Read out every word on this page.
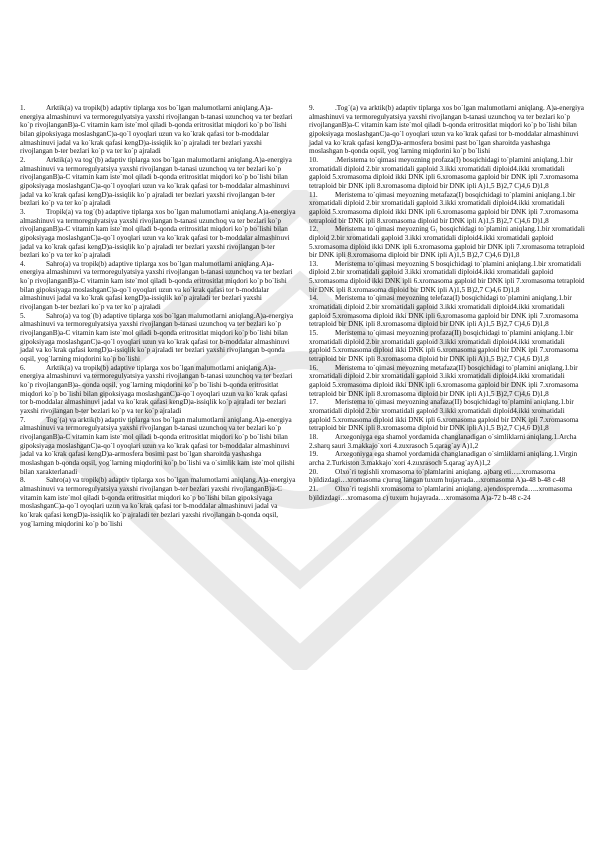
1.	Arktik(a) va tropik(b) adaptiv tiplarga xos bo`lgan malumotlarni aniqlang.A)a-energiya almashinuvi va termoregulyatsiya yaxshi rivojlangan b-tanasi uzunchoq va ter bezlari ko`p rivojlanganB)a-C vitamin kam iste`mol qiladi b-qonda eritrositlat miqdori ko`p bo`lishi bilan gipoksiyaga moslashganC)a-qo`l oyoqlari uzun va ko`krak qafasi tor b-moddalar almashinuvi jadal va ko`krak qafasi kengD)a-issiqlik ko`p ajraladi ter bezlari yaxshi rivojlangan b-ter bezlari ko`p va ter ko`p ajraladi

2.	Arktik(a) va tog`(b) adaptiv tiplarga xos bo`lgan malumotlarni aniqlang.A)a-energiya almashinuvi va termoregulyatsiya yaxshi rivojlangan b-tanasi uzunchoq va ter bezlari ko`p rivojlanganB)a-C vitamin kam iste`mol qiladi b-qonda eritrositlat miqdori ko`p bo`lishi bilan gipoksiyaga moslashganC)a-qo`l oyoqlari uzun va ko`krak qafasi tor b-moddalar almashinuvi jadal va ko`krak qafasi kengD)a-issiqlik ko`p ajraladi ter bezlari yaxshi rivojlangan b-ter bezlari ko`p va ter ko`p ajraladi

3.	Tropik(a) va tog`(b) adaptive tiplarga xos bo`lgan malumotlarni aniqlang.A)a-energiya almashinuvi va termoregulyatsiya yaxshi rivojlangan b-tanasi uzunchoq va ter bezlari ko`p rivojlanganB)a-C vitamin kam iste`mol qiladi b-qonda eritrositlat miqdori ko`p bo`lishi bilan gipoksiyaga moslashganC)a-qo`l oyoqlari uzun va ko`krak qafasi tor b-moddalar almashinuvi jadal va ko`krak qafasi kengD)a-issiqlik ko`p ajraladi ter bezlari yaxshi rivojlangan b-ter bezlari ko`p va ter ko`p ajraladi

4.	Sahro(a) va tropik(b) adaptive tiplarga xos bo`lgan malumotlarni aniqlang.A)a-energiya almashinuvi va termoregulyatsiya yaxshi rivojlangan b-tanasi uzunchoq va ter bezlari ko`p rivojlanganB)a-C vitamin kam iste`mol qiladi b-qonda eritrositlat miqdori ko`p bo`lishi bilan gipoksiyaga moslashganC)a-qo`l oyoqlari uzun va ko`krak qafasi tor b-moddalar almashinuvi jadal va ko`krak qafasi kengD)a-issiqlik ko`p ajraladi ter bezlari yaxshi rivojlangan b-ter bezlari ko`p va ter ko`p ajraladi

5.	Sahro(a) va tog`(b) adaptive tiplarga xos bo`lgan malumotlarni aniqlang.A)a-energiya almashinuvi va termoregulyatsiya yaxshi rivojlangan b-tanasi uzunchoq va ter bezlari ko`p rivojlanganB)a-C vitamin kam iste`mol qiladi b-qonda eritrositlat miqdori ko`p bo`lishi bilan gipoksiyaga moslashganC)a-qo`l oyoqlari uzun va ko`krak qafasi tor b-moddalar almashinuvi jadal va ko`krak qafasi kengD)a-issiqlik ko`p ajraladi ter bezlari yaxshi rivojlangan b-qonda oqsil, yog`larning miqdorini ko`p bo`lishi

6.	Arktik(a) va tropik(b) adaptive tiplarga xos bo`lgan malumotlarni aniqlang.A)a-energiya almashinuvi va termoregulyatsiya yaxshi rivojlangan b-tanasi uzunchoq va ter bezlari ko`p rivojlanganB)a- qonda oqsil, yog`larning miqdorini ko`p bo`lishi b-qonda eritrositlat miqdori ko`p bo`lishi bilan gipoksiyaga moslashganC)a-qo`l oyoqlari uzun va ko`krak qafasi tor b-moddalar almashinuvi jadal va ko`krak qafasi kengD)a-issiqlik ko`p ajraladi ter bezlari yaxshi rivojlangan b-ter bezlari ko`p va ter ko`p ajraladi

7.	Tog`(a) va arktik(b) adaptiv tiplarga xos bo`lgan malumotlarni aniqlang.A)a-energiya almashinuvi va termoregulyatsiya yaxshi rivojlangan b-tanasi uzunchoq va ter bezlari ko`p rivojlanganB)a-C vitamin kam iste`mol qiladi b-qonda eritrositlat miqdori ko`p bo`lishi bilan gipoksiyaga moslashganC)a-qo`l oyoqlari uzun va ko`krak qafasi tor b-moddalar almashinuvi jadal va ko`krak qafasi kengD)a-armosfera bosimi past bo`lgan sharoitda yashashga moslashgan b-qonda oqsil, yog`larning miqdorini ko`p bo`lishi va o`simlik kam iste`mol qilishi bilan xarakterlanadi

8.	Sahro(a) va tropik(b) adaptiv tiplarga xos bo`lgan malumotlarni aniqlang.A)a-energiya almashinuvi va termoregulyatsiya yaxshi rivojlangan b-ter bezlari yaxshi rivojlanganB)a-C vitamin kam iste`mol qiladi b-qonda eritrositlat miqdori ko`p bo`lishi bilan gipoksiyaga moslashganC)a-qo`l oyoqlari uzun va ko`krak qafasi tor b-moddalar almashinuvi jadal va ko`krak qafasi kengD)a-issiqlik ko`p ajraladi ter bezlari yaxshi rivojlangan b-qonda oqsil, yog`larning miqdorini ko`p bo`lishi

9.	.Tog`(a) va arktik(b) adaptiv tiplarga xos bo`lgan malumotlarni aniqlang. A)a-energiya almashinuvi va termoregulyatsiya yaxshi rivojlangan b-tanasi uzunchoq va ter bezlari ko`p rivojlanganB)a-C vitamin kam iste`mol qiladi b-qonda eritrositlat miqdori ko`p bo`lishi bilan gipoksiyaga moslashganC)a-qo`l oyoqlari uzun va ko`krak qafasi tor b-moddalar almashinuvi jadal va ko`krak qafasi kengD)a-armosfera bosimi past bo`lgan sharoitda yashashga moslashgan b-qonda oqsil, yog`larning miqdorini ko`p bo`lishi

10. .Meristema to`qimasi meyozning profaza(I) bosqichidagi to`plamini aniqlang.1.bir xromatidali diploid 2.bir xromatidali gaploid 3.ikki xromatidali diploid4.ikki xromatidali gaploid 5.xromasoma diploid ikki DNK ipli 6.xromasoma gaploid bir DNK ipli 7.xromasoma tetraploid bir DNK ipli 8.xromasoma diploid bir DNK ipli A)1,5 B)2,7 C)4,6 D)1,8

11. Meristema to`qimasi meyozning metafaza(I) bosqichidagi to`plamini aniqlang.1.bir xromatidali diploid 2.bir xromatidali gaploid 3.ikki xromatidali diploid4.ikki xromatidali gaploid 5.xromasoma diploid ikki DNK ipli 6.xromasoma gaploid bir DNK ipli 7.xromasoma tetraploid bir DNK ipli 8.xromasoma diploid bir DNK ipli A)1,5 B)2,7 C)4,6 D)1,8

12. Meristema to`qimasi meyozning G₁ bosqichidagi to`plamini aniqlang.1.bir xromatidali diploid 2.bir xromatidali gaploid 3.ikki xromatidali diploid4.ikki xromatidali gaploid 5.xromasoma diploid ikki DNK ipli 6.xromasoma gaploid bir DNK ipli 7.xromasoma tetraploid bir DNK ipli 8.xromasoma diploid bir DNK ipli A)1,5 B)2,7 C)4,6 D)1,8

13. Meristema to`qimasi meyozning S bosqichidagi to`plamini aniqlang.1.bir xromatidali diploid 2.bir xromatidali gaploid 3.ikki xromatidali diploid4.ikki xromatidali gaploid 5.xromasoma diploid ikki DNK ipli 6.xromasoma gaploid bir DNK ipli 7.xromasoma tetraploid bir DNK ipli 8.xromasoma diploid bir DNK ipli A)1,5 B)2,7 C)4,6 D)1,8

14. Meristema to`qimasi meyozning telefaza(I) bosqichidagi to`plamini aniqlang.1.bir xromatidali diploid 2.bir xromatidali gaploid 3.ikki xromatidali diploid4.ikki xromatidali gaploid 5.xromasoma diploid ikki DNK ipli 6.xromasoma gaploid bir DNK ipli 7.xromasoma tetraploid bir DNK ipli 8.xromasoma diploid bir DNK ipli A)1,5 B)2,7 C)4,6 D)1,8

15. Meristema to`qimasi meyozning profaza(II) bosqichidagi to`plamini aniqlang.1.bir xromatidali diploid 2.bir xromatidali gaploid 3.ikki xromatidali diploid4.ikki xromatidali gaploid 5.xromasoma diploid ikki DNK ipli 6.xromasoma gaploid bir DNK ipli 7.xromasoma tetraploid bir DNK ipli 8.xromasoma diploid bir DNK ipli A)1,5 B)2,7 C)4,6 D)1,8

16. Meristema to`qimasi meyozning metafaza(II) bosqichidagi to`plamini aniqlang.1.bir xromatidali diploid 2.bir xromatidali gaploid 3.ikki xromatidali diploid4.ikki xromatidali gaploid 5.xromasoma diploid ikki DNK ipli 6.xromasoma gaploid bir DNK ipli 7.xromasoma tetraploid bir DNK ipli 8.xromasoma diploid bir DNK ipli A)1,5 B)2,7 C)4,6 D)1,8

17. Meristema to`qimasi meyozning anafaza(II) bosqichidagi to`plamini aniqlang.1.bir xromatidali diploid 2.bir xromatidali gaploid 3.ikki xromatidali diploid4.ikki xromatidali gaploid 5.xromasoma diploid ikki DNK ipli 6.xromasoma gaploid bir DNK ipli 7.xromasoma tetraploid bir DNK ipli 8.xromasoma diploid bir DNK ipli A)1,5 B)2,7 C)4,6 D)1,8

18. Arxegoniyga ega shamol yordamida changlanadigan o`simliklarni aniqlang.1.Archa 2.sharq sauri 3.makkajo`xori 4.zuxrasoch 5.qarag`ay A)1,2

19. Arxegoniyga ega shamol yordamida changlanadigan o`simliklarni aniqlang.1.Virgin archa 2.Turkiston 3.makkajo`xori 4.zuxrasoch 5.qarag`ayA)1,2

20. Olxo`ri tegishli xromasoma to`plamlarini aniqlang. a)barg eti…..xromasoma b)ildizdagi…xromasoma c)urug`langan tuxum hujayrada…xromasoma A)a-48 b-48 c-48

21. Olxo`ri tegishli xromasoma to`plamlarini aniqlang. a)endospremda…..xromasoma b)ildizdagi…xromasoma c) tuxum hujayrada…xromasoma A)a-72 b-48 c-24
